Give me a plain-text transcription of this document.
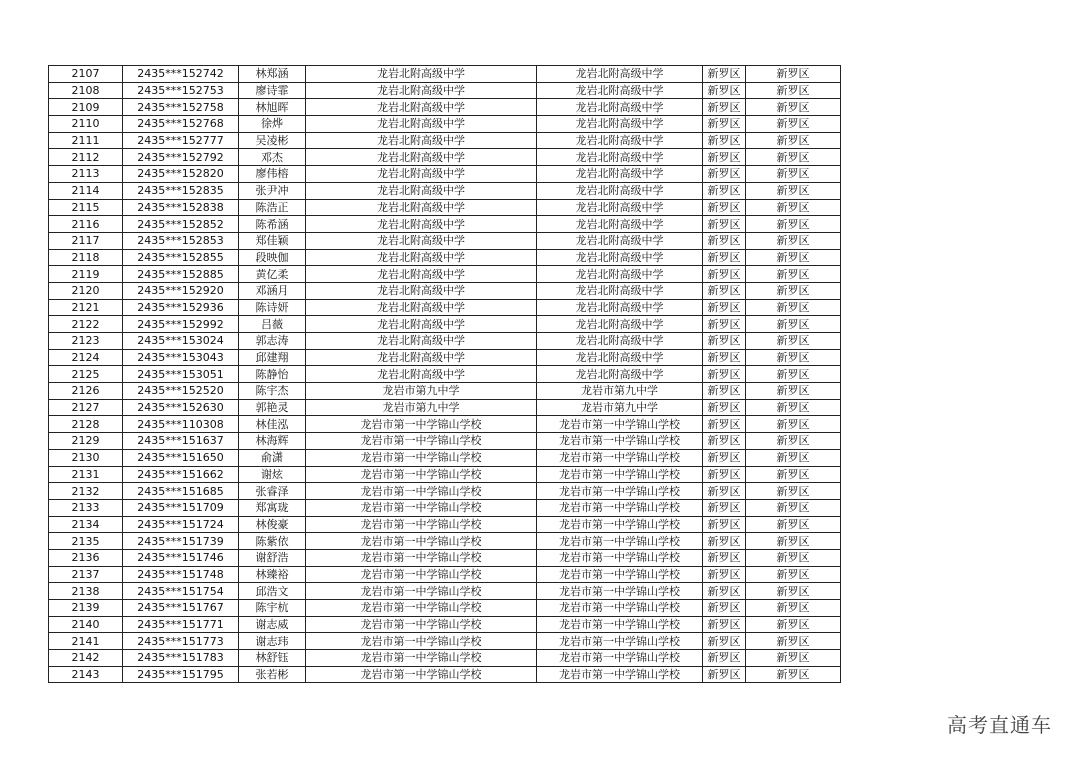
2107	2435***152742	林郑涵	龙岩北附高级中学	龙岩北附高级中学	新罗区	新罗区
2108	2435***152753	廖诗霏	龙岩北附高级中学	龙岩北附高级中学	新罗区	新罗区
2109	2435***152758	林旭晖	龙岩北附高级中学	龙岩北附高级中学	新罗区	新罗区
2110	2435***152768	徐烨	龙岩北附高级中学	龙岩北附高级中学	新罗区	新罗区
2111	2435***152777	吴凌彬	龙岩北附高级中学	龙岩北附高级中学	新罗区	新罗区
2112	2435***152792	邓杰	龙岩北附高级中学	龙岩北附高级中学	新罗区	新罗区
2113	2435***152820	廖伟榕	龙岩北附高级中学	龙岩北附高级中学	新罗区	新罗区
2114	2435***152835	张尹冲	龙岩北附高级中学	龙岩北附高级中学	新罗区	新罗区
2115	2435***152838	陈浩正	龙岩北附高级中学	龙岩北附高级中学	新罗区	新罗区
2116	2435***152852	陈希涵	龙岩北附高级中学	龙岩北附高级中学	新罗区	新罗区
2117	2435***152853	郑佳颖	龙岩北附高级中学	龙岩北附高级中学	新罗区	新罗区
2118	2435***152855	段映伽	龙岩北附高级中学	龙岩北附高级中学	新罗区	新罗区
2119	2435***152885	黄亿柔	龙岩北附高级中学	龙岩北附高级中学	新罗区	新罗区
2120	2435***152920	邓涵月	龙岩北附高级中学	龙岩北附高级中学	新罗区	新罗区
2121	2435***152936	陈诗妍	龙岩北附高级中学	龙岩北附高级中学	新罗区	新罗区
2122	2435***152992	吕薇	龙岩北附高级中学	龙岩北附高级中学	新罗区	新罗区
2123	2435***153024	郭志涛	龙岩北附高级中学	龙岩北附高级中学	新罗区	新罗区
2124	2435***153043	邱建翔	龙岩北附高级中学	龙岩北附高级中学	新罗区	新罗区
2125	2435***153051	陈静怡	龙岩北附高级中学	龙岩北附高级中学	新罗区	新罗区
2126	2435***152520	陈宇杰	龙岩市第九中学	龙岩市第九中学	新罗区	新罗区
2127	2435***152630	郭艳灵	龙岩市第九中学	龙岩市第九中学	新罗区	新罗区
2128	2435***110308	林佳泓	龙岩市第一中学锦山学校	龙岩市第一中学锦山学校	新罗区	新罗区
2129	2435***151637	林海辉	龙岩市第一中学锦山学校	龙岩市第一中学锦山学校	新罗区	新罗区
2130	2435***151650	俞潇	龙岩市第一中学锦山学校	龙岩市第一中学锦山学校	新罗区	新罗区
2131	2435***151662	谢炫	龙岩市第一中学锦山学校	龙岩市第一中学锦山学校	新罗区	新罗区
2132	2435***151685	张睿泽	龙岩市第一中学锦山学校	龙岩市第一中学锦山学校	新罗区	新罗区
2133	2435***151709	郑寓珑	龙岩市第一中学锦山学校	龙岩市第一中学锦山学校	新罗区	新罗区
2134	2435***151724	林俊豪	龙岩市第一中学锦山学校	龙岩市第一中学锦山学校	新罗区	新罗区
2135	2435***151739	陈紫依	龙岩市第一中学锦山学校	龙岩市第一中学锦山学校	新罗区	新罗区
2136	2435***151746	谢舒浩	龙岩市第一中学锦山学校	龙岩市第一中学锦山学校	新罗区	新罗区
2137	2435***151748	林臻裕	龙岩市第一中学锦山学校	龙岩市第一中学锦山学校	新罗区	新罗区
2138	2435***151754	邱浩文	龙岩市第一中学锦山学校	龙岩市第一中学锦山学校	新罗区	新罗区
2139	2435***151767	陈宇杭	龙岩市第一中学锦山学校	龙岩市第一中学锦山学校	新罗区	新罗区
2140	2435***151771	谢志威	龙岩市第一中学锦山学校	龙岩市第一中学锦山学校	新罗区	新罗区
2141	2435***151773	谢志玮	龙岩市第一中学锦山学校	龙岩市第一中学锦山学校	新罗区	新罗区
2142	2435***151783	林舒钰	龙岩市第一中学锦山学校	龙岩市第一中学锦山学校	新罗区	新罗区
2143	2435***151795	张若彬	龙岩市第一中学锦山学校	龙岩市第一中学锦山学校	新罗区	新罗区
高考直通车
